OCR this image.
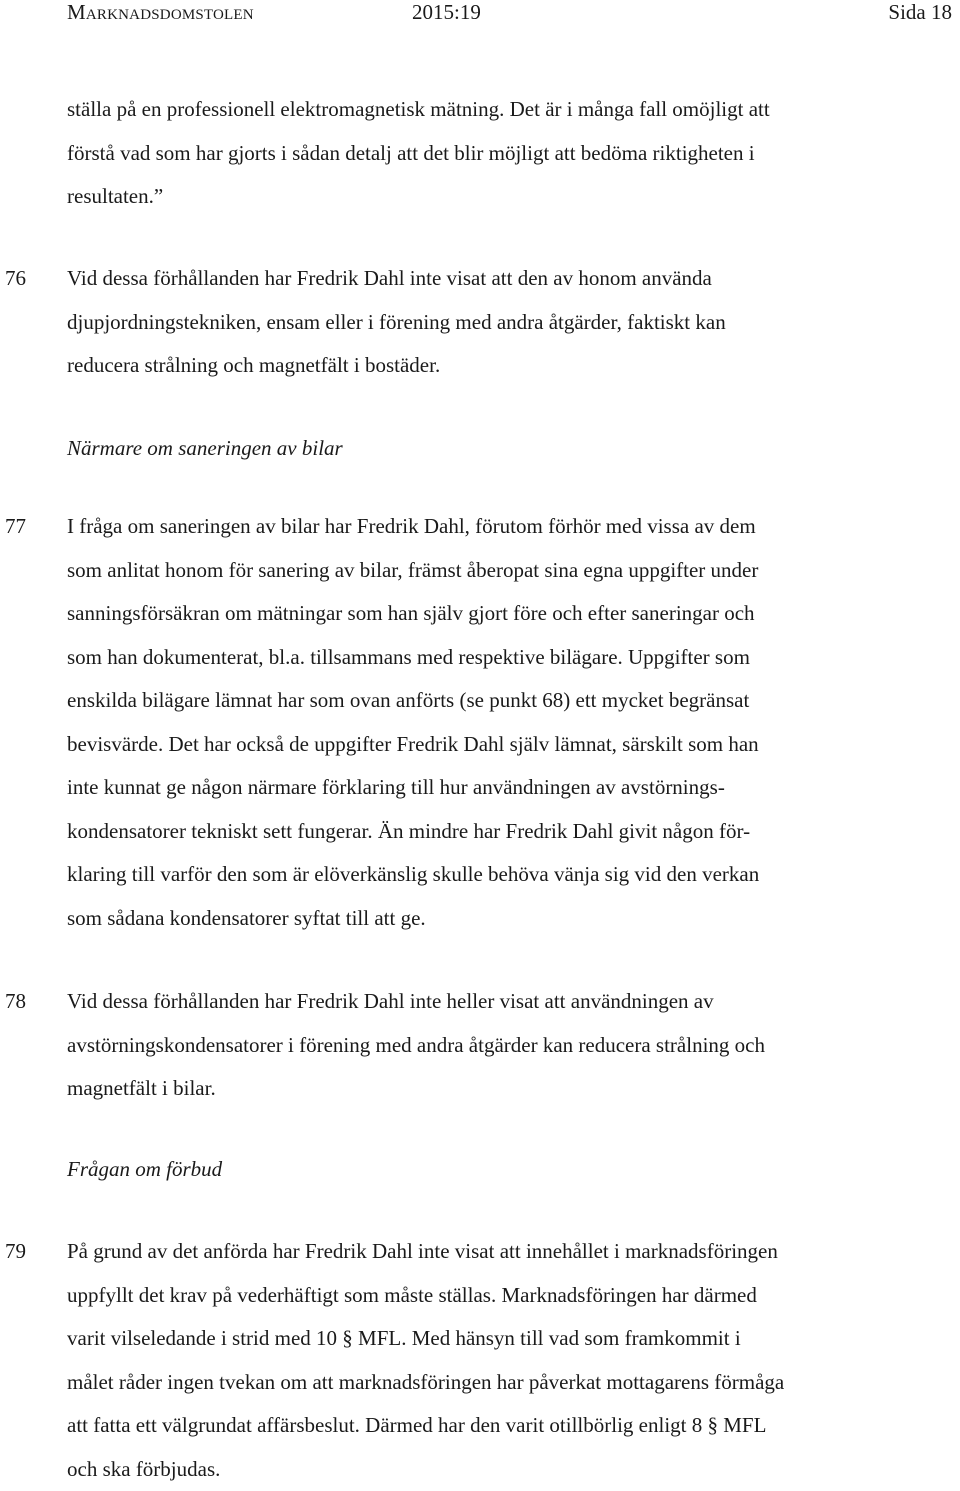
Marknadsdomstolen	2015:19	Sida 18
ställa på en professionell elektromagnetisk mätning. Det är i många fall omöjligt att
förstå vad som har gjorts i sådan detalj att det blir möjligt att bedöma riktigheten i
resultaten.”
76 Vid dessa förhållanden har Fredrik Dahl inte visat att den av honom använda
djupjordningstekniken, ensam eller i förening med andra åtgärder, faktiskt kan
reducera strålning och magnetfält i bostäder.
Närmare om saneringen av bilar
77 I fråga om saneringen av bilar har Fredrik Dahl, förutom förhör med vissa av dem
som anlitat honom för sanering av bilar, främst åberopat sina egna uppgifter under
sanningsförsäkran om mätningar som han själv gjort före och efter saneringar och
som han dokumenterat, bl.a. tillsammans med respektive bilägare. Uppgifter som
enskilda bilägare lämnat har som ovan anförts (se punkt 68) ett mycket begränsat
bevisvärde. Det har också de uppgifter Fredrik Dahl själv lämnat, särskilt som han
inte kunnat ge någon närmare förklaring till hur användningen av avstörnings-
kondensatorer tekniskt sett fungerar. Än mindre har Fredrik Dahl givit någon för-
klaring till varför den som är elöverkänslig skulle behöva vänja sig vid den verkan
som sådana kondensatorer syftat till att ge.
78 Vid dessa förhållanden har Fredrik Dahl inte heller visat att användningen av
avstörningskondensatorer i förening med andra åtgärder kan reducera strålning och
magnetfält i bilar.
Frågan om förbud
79 På grund av det anförda har Fredrik Dahl inte visat att innehållet i marknadsföringen
uppfyllt det krav på vederhäftigt som måste ställas. Marknadsföringen har därmed
varit vilseledande i strid med 10 § MFL. Med hänsyn till vad som framkommit i
målet råder ingen tvekan om att marknadsföringen har påverkat mottagarens förmåga
att fatta ett välgrundat affärsbeslut. Därmed har den varit otillbörlig enligt 8 § MFL
och ska förbjudas.
